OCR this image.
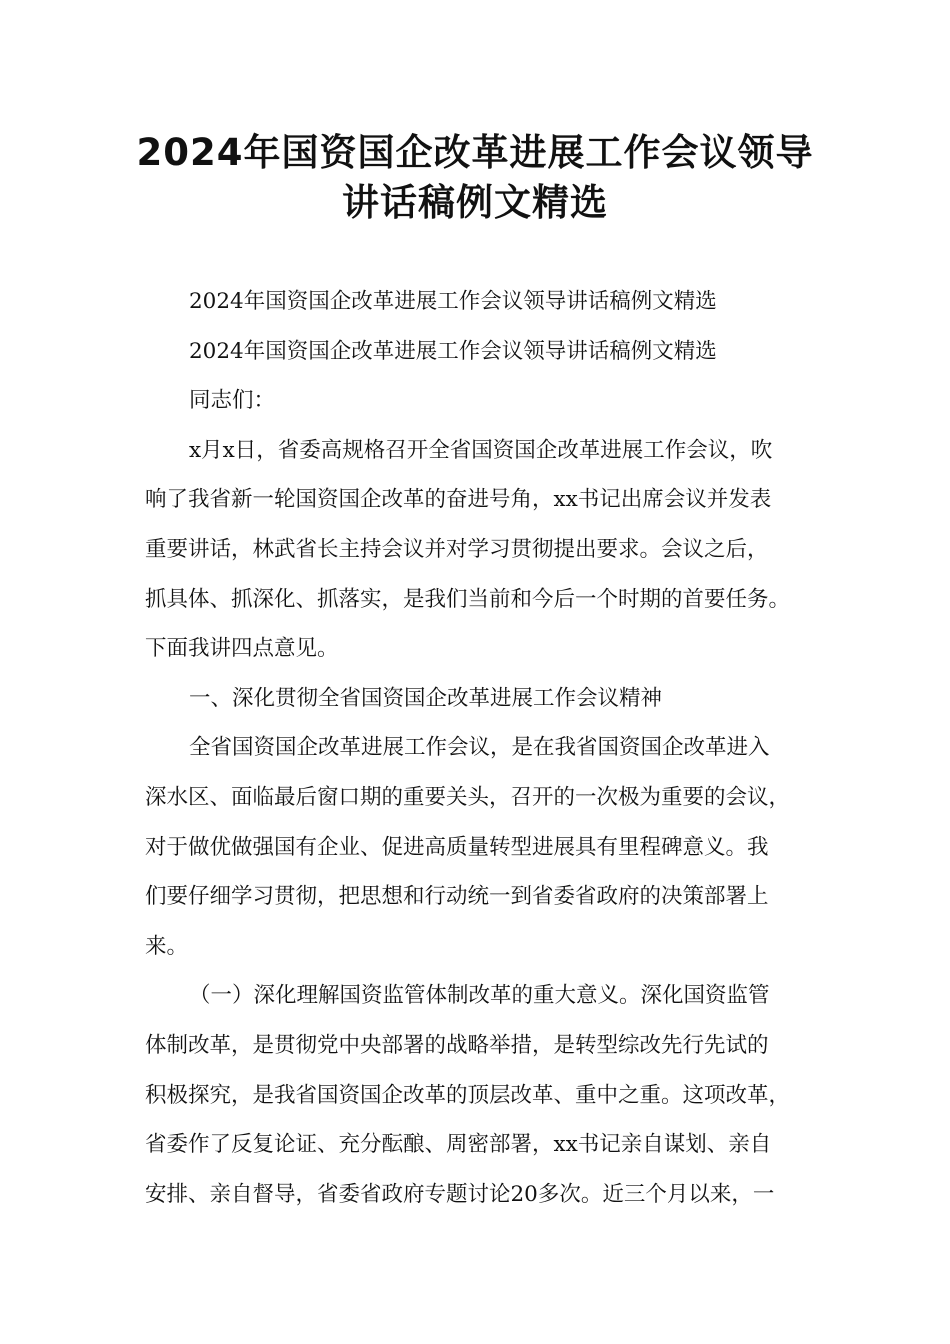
2024年国资国企改革进展工作会议领导
讲话稿例文精选
2024年国资国企改革进展工作会议领导讲话稿例文精选
2024年国资国企改革进展工作会议领导讲话稿例文精选
同志们：
x月x日，省委高规格召开全省国资国企改革进展工作会议，吹
响了我省新一轮国资国企改革的奋进号角，xx书记出席会议并发表
重要讲话，林武省长主持会议并对学习贯彻提出要求。会议之后，
抓具体、抓深化、抓落实，是我们当前和今后一个时期的首要任务。
下面我讲四点意见。
一、深化贯彻全省国资国企改革进展工作会议精神
全省国资国企改革进展工作会议，是在我省国资国企改革进入
深水区、面临最后窗口期的重要关头，召开的一次极为重要的会议，
对于做优做强国有企业、促进高质量转型进展具有里程碑意义。我
们要仔细学习贯彻，把思想和行动统一到省委省政府的决策部署上
来。
（一）深化理解国资监管体制改革的重大意义。深化国资监管
体制改革，是贯彻党中央部署的战略举措，是转型综改先行先试的
积极探究，是我省国资国企改革的顶层改革、重中之重。这项改革，
省委作了反复论证、充分酝酿、周密部署，xx书记亲自谋划、亲自
安排、亲自督导，省委省政府专题讨论20多次。近三个月以来，一
